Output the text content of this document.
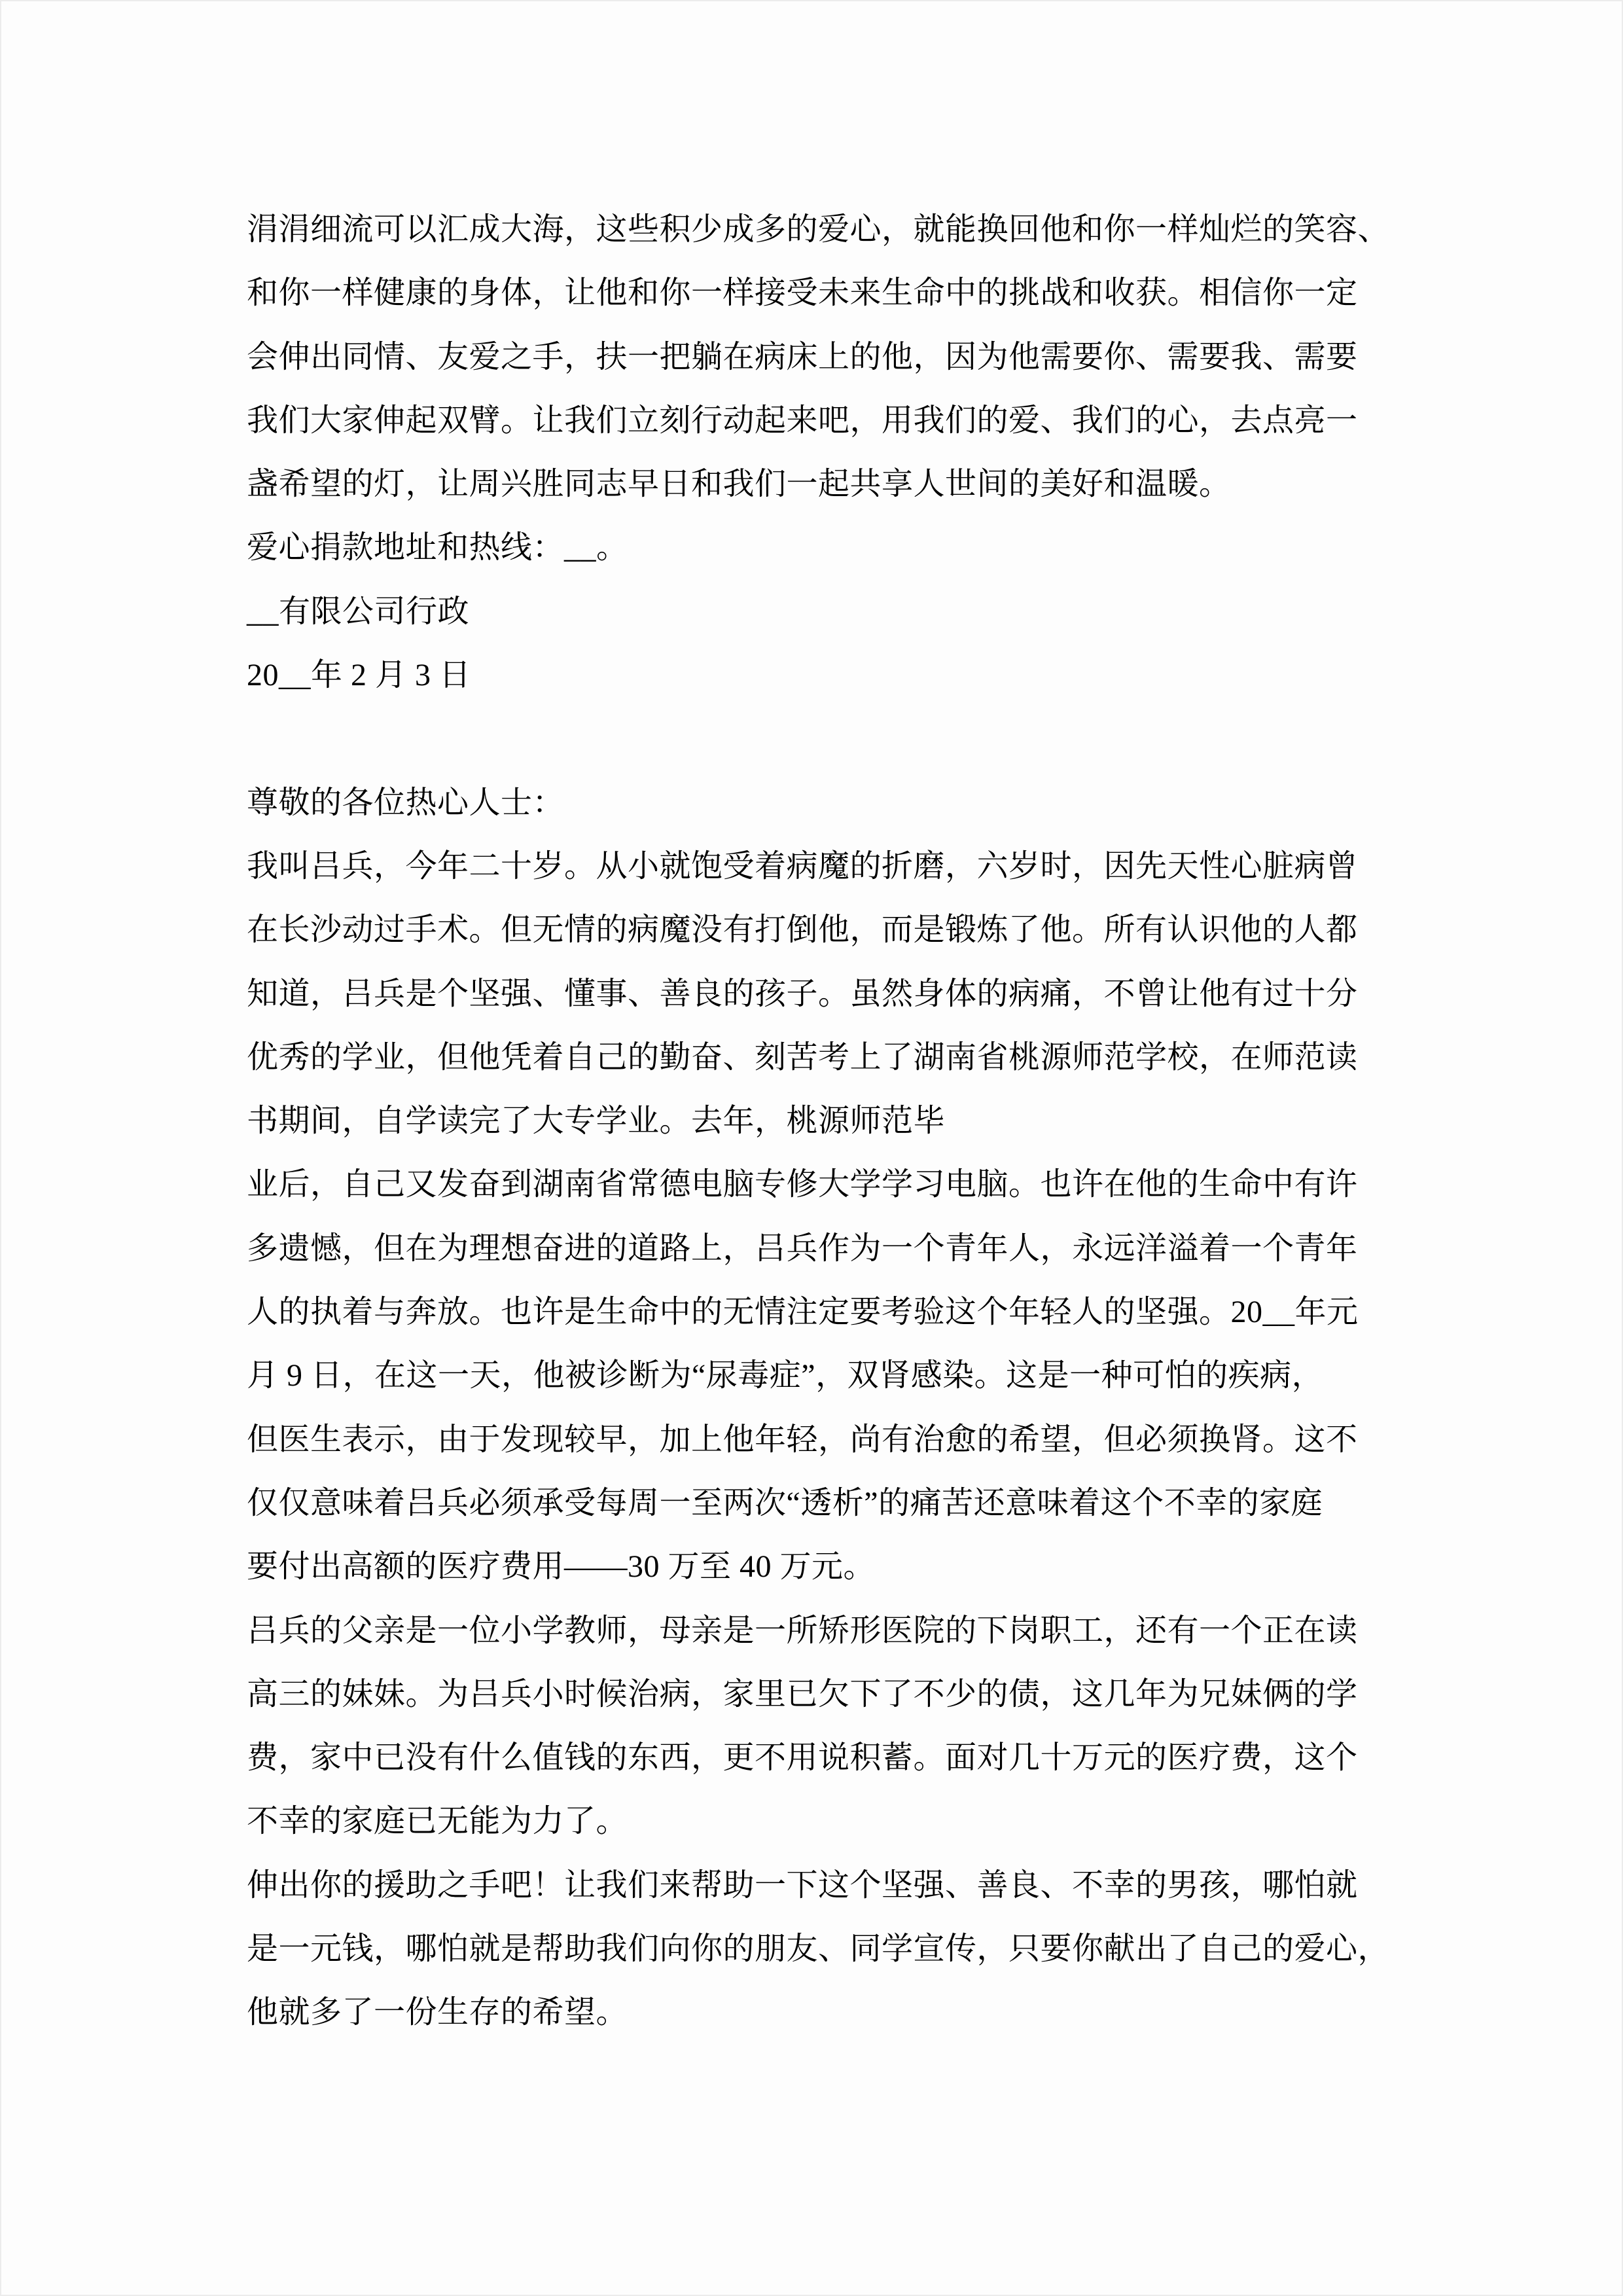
涓涓细流可以汇成大海，这些积少成多的爱心，就能换回他和你一样灿烂的笑容、
和你一样健康的身体，让他和你一样接受未来生命中的挑战和收获。相信你一定
会伸出同情、友爱之手，扶一把躺在病床上的他，因为他需要你、需要我、需要
我们大家伸起双臂。让我们立刻行动起来吧，用我们的爱、我们的心，去点亮一
盏希望的灯，让周兴胜同志早日和我们一起共享人世间的美好和温暖。
爱心捐款地址和热线：__。
__有限公司行政
20__年 2 月 3 日
尊敬的各位热心人士：
我叫吕兵，今年二十岁。从小就饱受着病魔的折磨，六岁时，因先天性心脏病曾
在长沙动过手术。但无情的病魔没有打倒他，而是锻炼了他。所有认识他的人都
知道，吕兵是个坚强、懂事、善良的孩子。虽然身体的病痛，不曾让他有过十分
优秀的学业，但他凭着自己的勤奋、刻苦考上了湖南省桃源师范学校，在师范读
书期间，自学读完了大专学业。去年，桃源师范毕
业后，自己又发奋到湖南省常德电脑专修大学学习电脑。也许在他的生命中有许
多遗憾，但在为理想奋进的道路上，吕兵作为一个青年人，永远洋溢着一个青年
人的执着与奔放。也许是生命中的无情注定要考验这个年轻人的坚强。20__年元
月 9 日，在这一天，他被诊断为“尿毒症”，双肾感染。这是一种可怕的疾病，
但医生表示，由于发现较早，加上他年轻，尚有治愈的希望，但必须换肾。这不
仅仅意味着吕兵必须承受每周一至两次“透析”的痛苦还意味着这个不幸的家庭
要付出高额的医疗费用——30 万至 40 万元。
吕兵的父亲是一位小学教师，母亲是一所矫形医院的下岗职工，还有一个正在读
高三的妹妹。为吕兵小时候治病，家里已欠下了不少的债，这几年为兄妹俩的学
费，家中已没有什么值钱的东西，更不用说积蓄。面对几十万元的医疗费，这个
不幸的家庭已无能为力了。
伸出你的援助之手吧！让我们来帮助一下这个坚强、善良、不幸的男孩，哪怕就
是一元钱，哪怕就是帮助我们向你的朋友、同学宣传，只要你献出了自己的爱心，
他就多了一份生存的希望。
